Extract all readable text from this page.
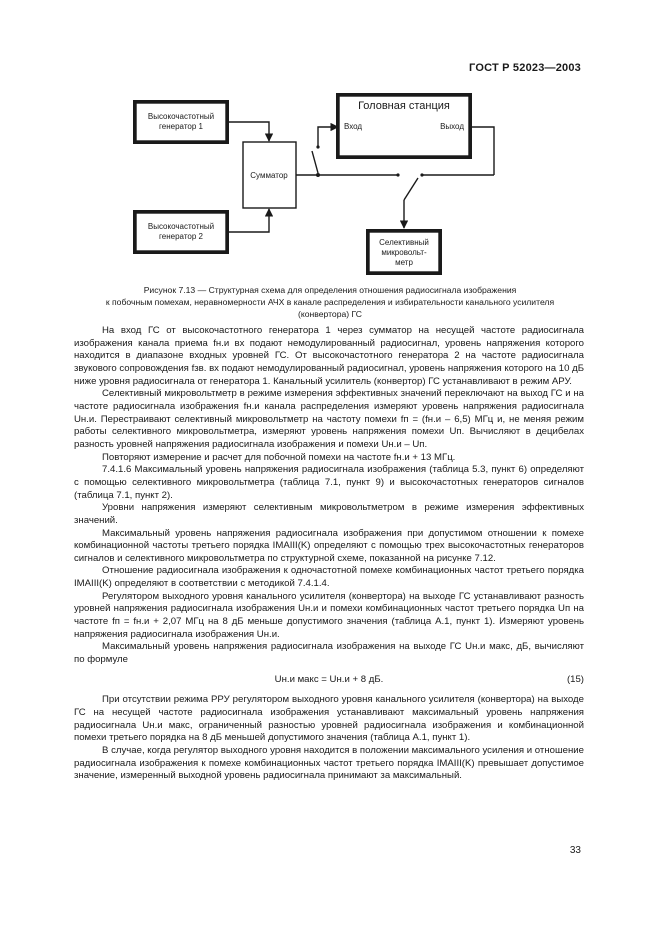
ГОСТ Р 52023—2003
Высокочастотный
генератор 1
Высокочастотный
генератор 2
Сумматор
Головная станция
Вход	Выход
Селективный
микровольт-
метр
Рисунок 7.13 — Структурная схема для определения отношения радиосигнала изображения
к побочным помехам, неравномерности АЧХ в канале распределения и избирательности канального усилителя
(конвертора) ГС

На вход ГС от высокочастотного генератора 1 через сумматор на несущей частоте радиосигнала изображения канала приема fн.и вх подают немодулированный радиосигнал, уровень напряжения которого находится в диапазоне входных уровней ГС. От высокочастотного генератора 2 на частоте радиосигнала звукового сопровождения fзв. вх подают немодулированный радиосигнал, уровень напряжения которого на 10 дБ ниже уровня радиосигнала от генератора 1. Канальный усилитель (конвертор) ГС устанавливают в режим АРУ.

Селективный микровольтметр в режиме измерения эффективных значений переключают на выход ГС и на частоте радиосигнала изображения fн.и канала распределения измеряют уровень напряжения радиосигнала Uн.и. Перестраивают селективный микровольтметр на частоту помехи fп = (fн.и – 6,5) МГц и, не меняя режим работы селективного микровольтметра, измеряют уровень напряжения помехи Uп. Вычисляют в децибелах разность уровней напряжения радиосигнала изображения и помехи Uн.и – Uп.

Повторяют измерение и расчет для побочной помехи на частоте fн.и + 13 МГц.

7.4.1.6 Максимальный уровень напряжения радиосигнала изображения (таблица 5.3, пункт 6) определяют с помощью селективного микровольтметра (таблица 7.1, пункт 9) и высокочастотных генераторов сигналов (таблица 7.1, пункт 2).

Уровни напряжения измеряют селективным микровольтметром в режиме измерения эффективных значений.

Максимальный уровень напряжения радиосигнала изображения при допустимом отношении к помехе комбинационной частоты третьего порядка IMAIII(K) определяют с помощью трех высокочастотных генераторов сигналов и селективного микровольтметра по структурной схеме, показанной на рисунке 7.12.

Отношение радиосигнала изображения к одночастотной помехе комбинационных частот третьего порядка IMAIII(K) определяют в соответствии с методикой 7.4.1.4.

Регулятором выходного уровня канального усилителя (конвертора) на выходе ГС устанавливают разность уровней напряжения радиосигнала изображения Uн.и и помехи комбинационных частот третьего порядка Uп на частоте fп = fн.и + 2,07 МГц на 8 дБ меньше допустимого значения (таблица А.1, пункт 1). Измеряют уровень напряжения радиосигнала изображения Uн.и.

Максимальный уровень напряжения радиосигнала изображения на выходе ГС Uн.и макс, дБ, вычисляют по формуле

Uн.и макс = Uн.и + 8 дБ.	(15)

При отсутствии режима РРУ регулятором выходного уровня канального усилителя (конвертора) на выходе ГС на несущей частоте радиосигнала изображения устанавливают максимальный уровень напряжения радиосигнала Uн.и макс, ограниченный разностью уровней радиосигнала изображения и комбинационной помехи третьего порядка на 8 дБ меньшей допустимого значения (таблица А.1, пункт 1).

В случае, когда регулятор выходного уровня находится в положении максимального усиления и отношение радиосигнала изображения к помехе комбинационных частот третьего порядка IMAIII(K) превышает допустимое значение, измеренный выходной уровень радиосигнала принимают за максимальный.

33
